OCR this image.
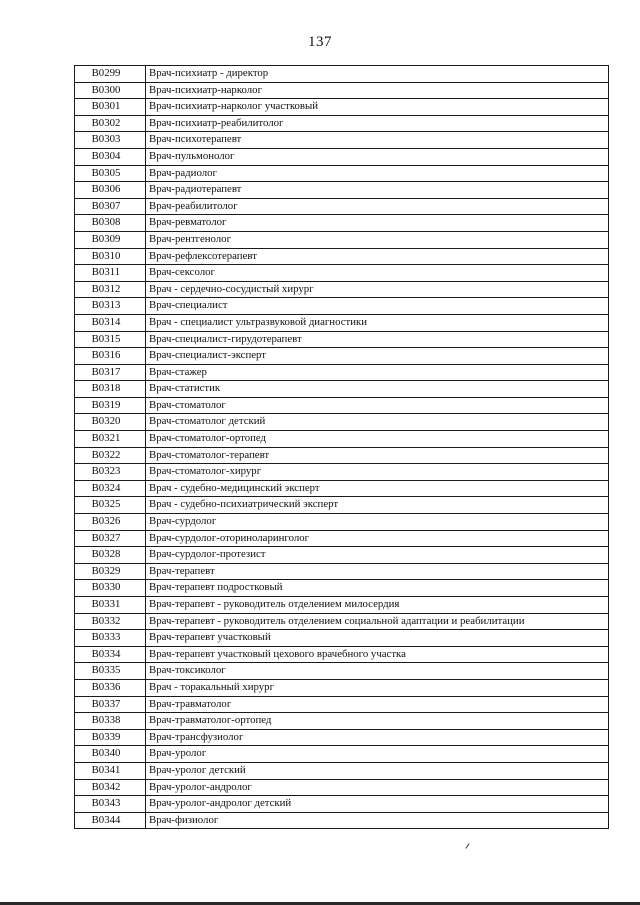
137
B0299	Врач-психиатр - директор
B0300	Врач-психиатр-нарколог
B0301	Врач-психиатр-нарколог участковый
B0302	Врач-психиатр-реабилитолог
B0303	Врач-психотерапевт
B0304	Врач-пульмонолог
B0305	Врач-радиолог
B0306	Врач-радиотерапевт
B0307	Врач-реабилитолог
B0308	Врач-ревматолог
B0309	Врач-рентгенолог
B0310	Врач-рефлексотерапевт
B0311	Врач-сексолог
B0312	Врач - сердечно-сосудистый хирург
B0313	Врач-специалист
B0314	Врач - специалист ультразвуковой диагностики
B0315	Врач-специалист-гирудотерапевт
B0316	Врач-специалист-эксперт
B0317	Врач-стажер
B0318	Врач-статистик
B0319	Врач-стоматолог
B0320	Врач-стоматолог детский
B0321	Врач-стоматолог-ортопед
B0322	Врач-стоматолог-терапевт
B0323	Врач-стоматолог-хирург
B0324	Врач - судебно-медицинский эксперт
B0325	Врач - судебно-психиатрический эксперт
B0326	Врач-сурдолог
B0327	Врач-сурдолог-оториноларинголог
B0328	Врач-сурдолог-протезист
B0329	Врач-терапевт
B0330	Врач-терапевт подростковый
B0331	Врач-терапевт - руководитель отделением милосердия
B0332	Врач-терапевт - руководитель отделением социальной адаптации и реабилитации
B0333	Врач-терапевт участковый
B0334	Врач-терапевт участковый цехового врачебного участка
B0335	Врач-токсиколог
B0336	Врач - торакальный хирург
B0337	Врач-травматолог
B0338	Врач-травматолог-ортопед
B0339	Врач-трансфузиолог
B0340	Врач-уролог
B0341	Врач-уролог детский
B0342	Врач-уролог-андролог
B0343	Врач-уролог-андролог детский
B0344	Врач-физиолог
